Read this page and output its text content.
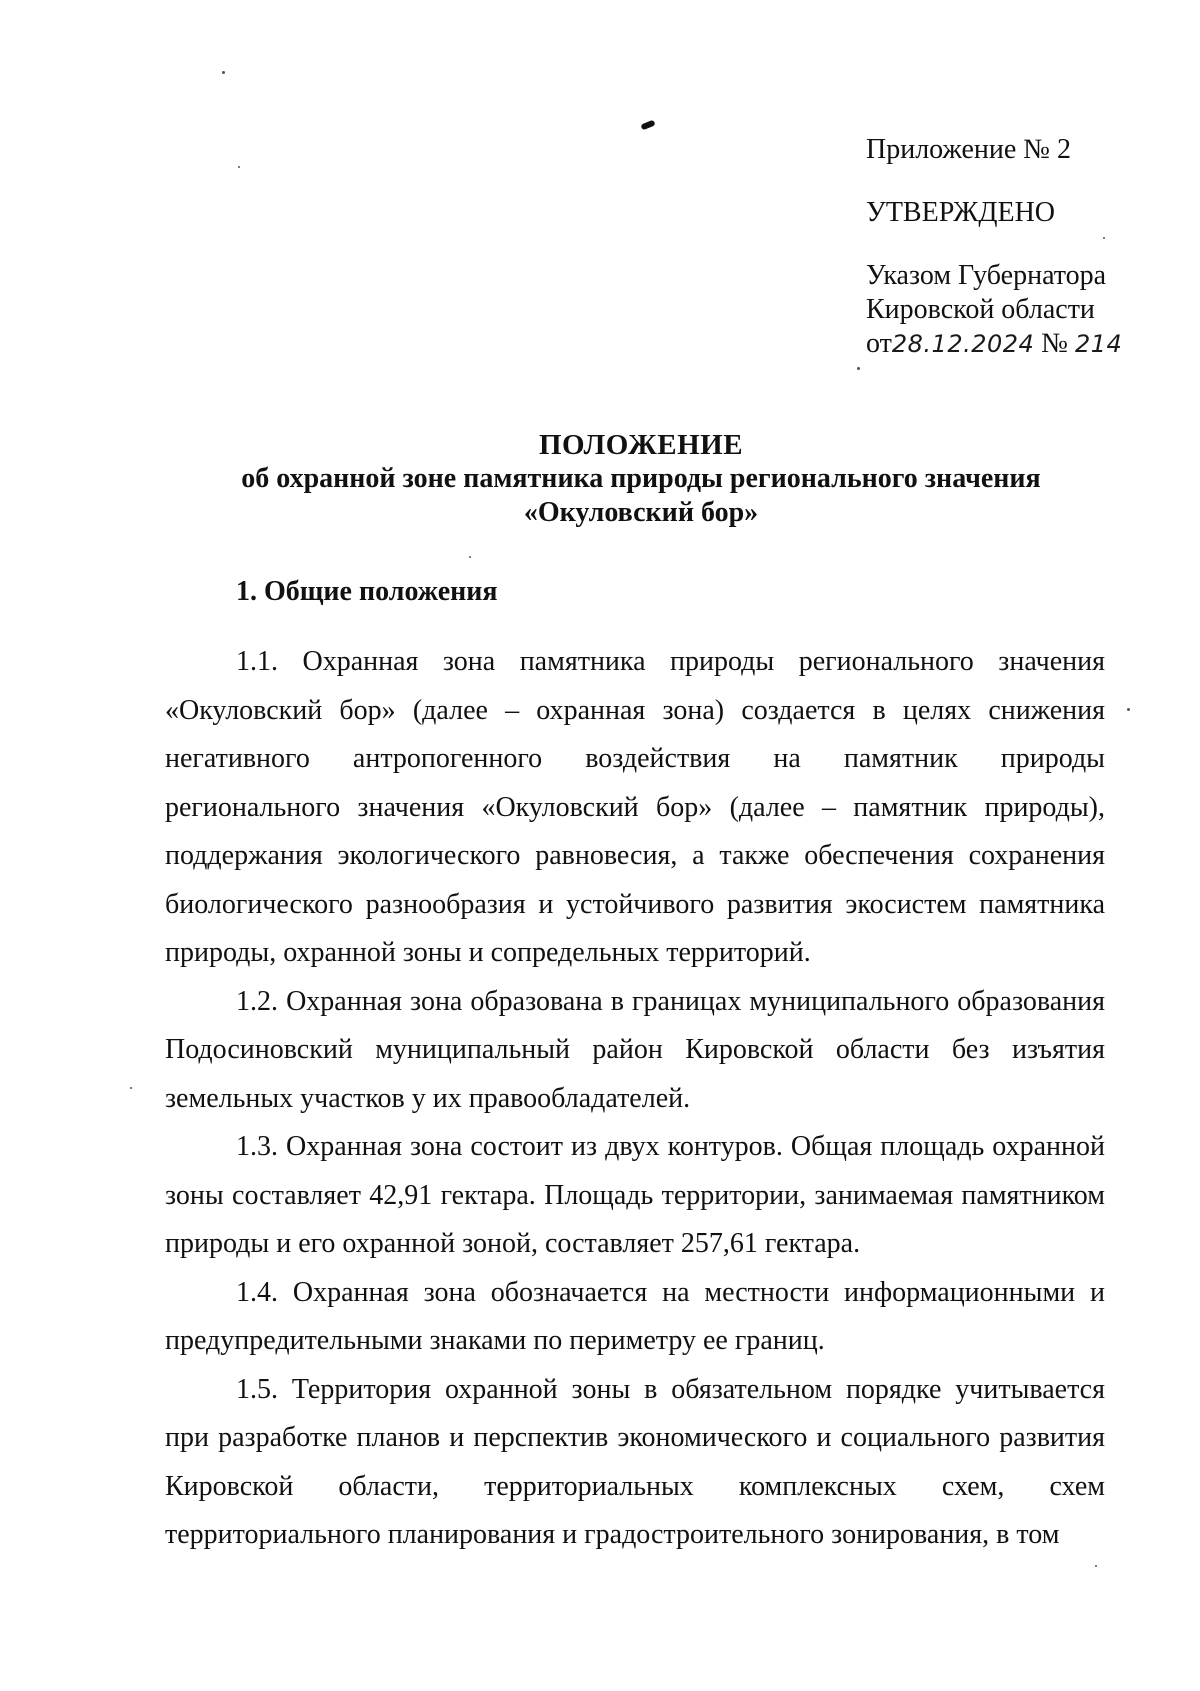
Приложение № 2
УТВЕРЖДЕНО
Указом Губернатора
Кировской области
от28.12.2024 № 214
ПОЛОЖЕНИЕ
об охранной зоне памятника природы регионального значения
«Окуловский бор»
1. Общие положения

1.1. Охранная зона памятника природы регионального значения «Окуловский бор» (далее – охранная зона) создается в целях снижения негативного антропогенного воздействия на памятник природы регионального значения «Окуловский бор» (далее – памятник природы), поддержания экологического равновесия, а также обеспечения сохранения биологического разнообразия и устойчивого развития экосистем памятника природы, охранной зоны и сопредельных территорий.

1.2. Охранная зона образована в границах муниципального образования Подосиновский муниципальный район Кировской области без изъятия земельных участков у их правообладателей.

1.3. Охранная зона состоит из двух контуров. Общая площадь охранной зоны составляет 42,91 гектара. Площадь территории, занимаемая памятником природы и его охранной зоной, составляет 257,61 гектара.

1.4. Охранная зона обозначается на местности информационными и предупредительными знаками по периметру ее границ.

1.5. Территория охранной зоны в обязательном порядке учитывается при разработке планов и перспектив экономического и социального развития Кировской области, территориальных комплексных схем, схем территориального планирования и градостроительного зонирования, в том
